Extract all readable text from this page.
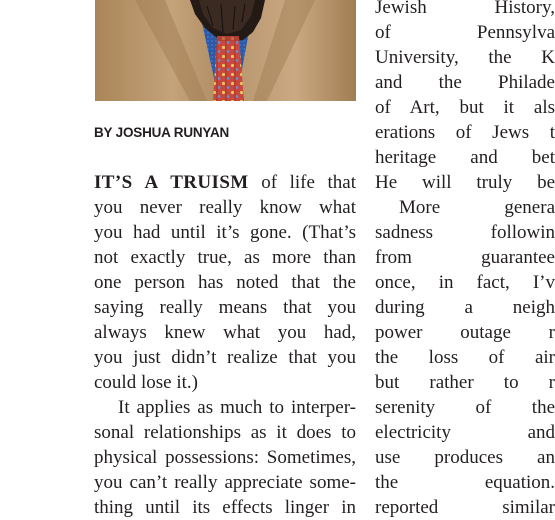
BY JOSHUA RUNYAN
IT’S A TRUISM of life that
you never really know what
you had until it’s gone. (That’s
not exactly true, as more than
one person has noted that the
saying really means that you
always knew what you had,
you just didn’t realize that you
could lose it.)
It applies as much to interper-
sonal relationships as it does to
physical possessions: Sometimes,
you can’t really appreciate some-
thing until its effects linger in
Jewish History,
of Pennsylva
University, the K
and the Philade
of Art, but it als
erations of Jews t
heritage and bet
He will truly be
More genera
sadness followin
from guarantee
once, in fact, I’v
during a neigh
power outage r
the loss of air
but rather to r
serenity of the
electricity and
use produces an
the equation.
reported similar
